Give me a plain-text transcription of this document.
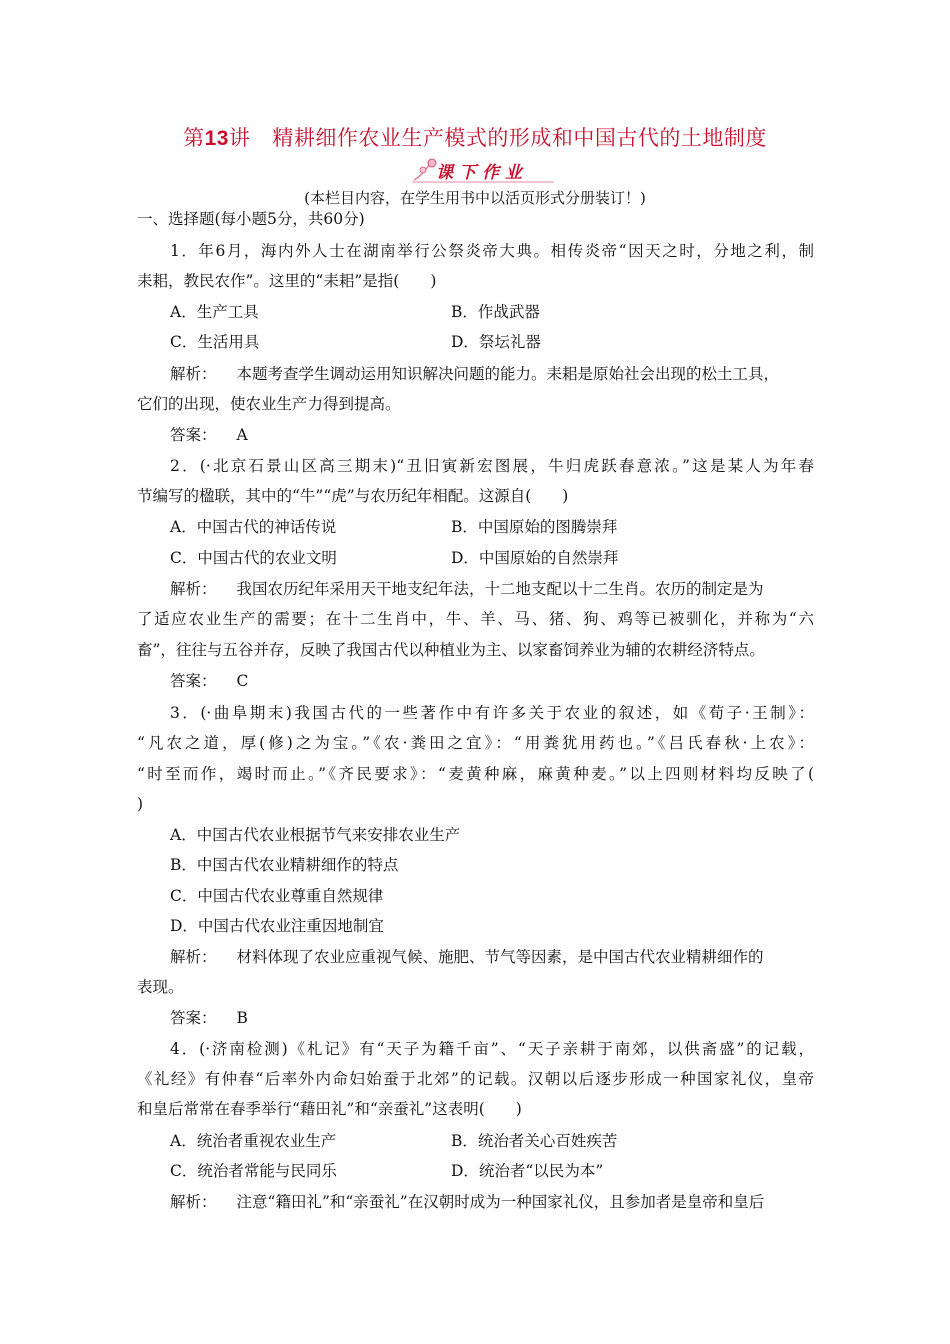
第13讲 精耕细作农业生产模式的形成和中国古代的土地制度
课下作业
(本栏目内容，在学生用书中以活页形式分册装订！)
一、选择题(每小题5分，共60分)
1．年6月，海内外人士在湖南举行公祭炎帝大典。相传炎帝“因天之时，分地之利，制
耒耜，教民农作”。这里的“耒耜”是指(　　)
A．生产工具	B．作战武器
C．生活用具	D．祭坛礼器
解析： 本题考查学生调动运用知识解决问题的能力。耒耜是原始社会出现的松土工具，
它们的出现，使农业生产力得到提高。
答案： A
2．(·北京石景山区高三期末)“丑旧寅新宏图展，牛归虎跃春意浓。”这是某人为年春
节编写的楹联，其中的“牛”“虎”与农历纪年相配。这源自(　　)
A．中国古代的神话传说	B．中国原始的图腾崇拜
C．中国古代的农业文明	D．中国原始的自然崇拜
解析： 我国农历纪年采用天干地支纪年法，十二地支配以十二生肖。农历的制定是为
了适应农业生产的需要；在十二生肖中，牛、羊、马、猪、狗、鸡等已被驯化，并称为“六
畜”，往往与五谷并存，反映了我国古代以种植业为主、以家畜饲养业为辅的农耕经济特点。
答案： C
3．(·曲阜期末)我国古代的一些著作中有许多关于农业的叙述，如《荀子·王制》：
“凡农之道，厚(修)之为宝。”《农·粪田之宜》：“用粪犹用药也。”《吕氏春秋·上农》：
“时至而作，竭时而止。”《齐民要求》：“麦黄种麻，麻黄种麦。”以上四则材料均反映了(
)
A．中国古代农业根据节气来安排农业生产
B．中国古代农业精耕细作的特点
C．中国古代农业尊重自然规律
D．中国古代农业注重因地制宜
解析： 材料体现了农业应重视气候、施肥、节气等因素，是中国古代农业精耕细作的
表现。
答案： B
4．(·济南检测)《札记》有“天子为籍千亩”、“天子亲耕于南郊，以供斋盛”的记载，
《礼经》有仲春“后率外内命妇始蚕于北郊”的记载。汉朝以后逐步形成一种国家礼仪，皇帝
和皇后常常在春季举行“藉田礼”和“亲蚕礼”这表明(　　)
A．统治者重视农业生产	B．统治者关心百姓疾苦
C．统治者常能与民同乐	D．统治者“以民为本”
解析： 注意“籍田礼”和“亲蚕礼”在汉朝时成为一种国家礼仪，且参加者是皇帝和皇后
